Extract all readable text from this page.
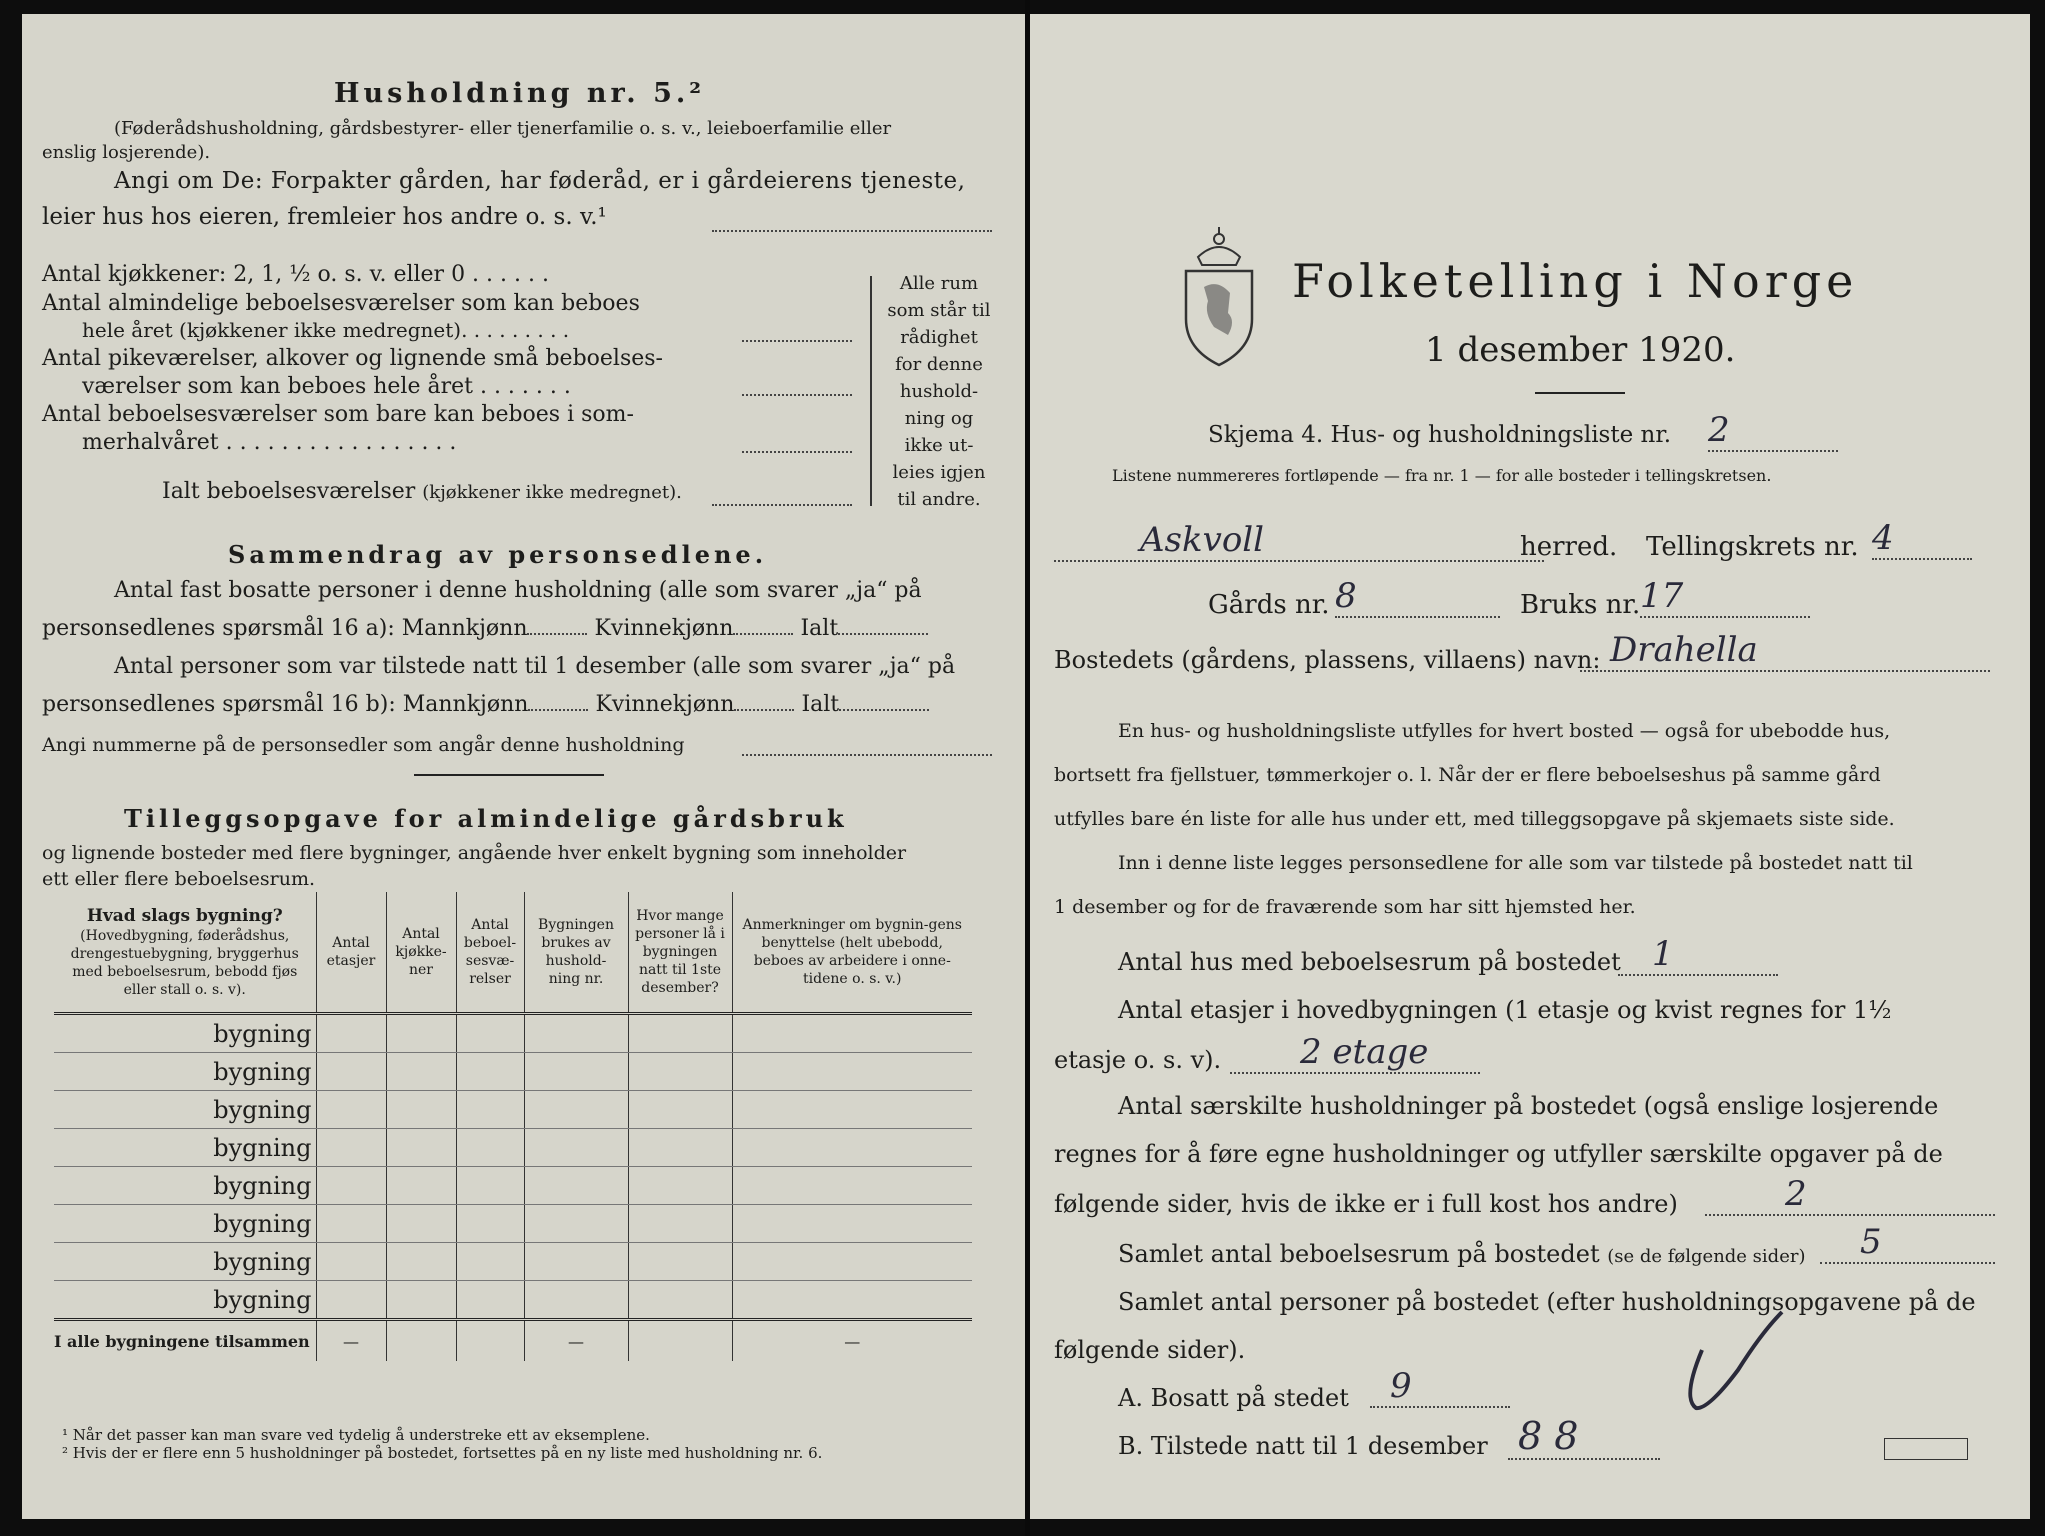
Husholdning nr. 5.²
(Føderådshusholdning, gårdsbestyrer- eller tjenerfamilie o. s. v., leieboerfamilie eller
enslig losjerende).
Angi om De: Forpakter gården, har føderåd, er i gårdeierens tjeneste,
leier hus hos eieren, fremleier hos andre o. s. v.¹
Antal kjøkkener: 2, 1, ½ o. s. v. eller 0 . . . . . .
Antal almindelige beboelsesværelser som kan beboes
hele året (kjøkkener ikke medregnet). . . . . . . . .
Antal pikeværelser, alkover og lignende små beboelses-
værelser som kan beboes hele året . . . . . . .
Antal beboelsesværelser som bare kan beboes i som-
merhalvåret . . . . . . . . . . . . . . . . .
Alle rum
som står til
rådighet
for denne
hushold-
ning og
ikke ut-
leies igjen
til andre.
Ialt beboelsesværelser (kjøkkener ikke medregnet).
Sammendrag av personsedlene.
Antal fast bosatte personer i denne husholdning (alle som svarer „ja“ på
personsedlenes spørsmål 16 a): Mannkjønn	Kvinnekjønn	Ialt
Antal personer som var tilstede natt til 1 desember (alle som svarer „ja“ på
personsedlenes spørsmål 16 b): Mannkjønn	Kvinnekjønn	Ialt
Angi nummerne på de personsedler som angår denne husholdning
Tilleggsopgave for almindelige gårdsbruk
og lignende bosteder med flere bygninger, angående hver enkelt bygning som inneholder
ett eller flere beboelsesrum.
Hvad slags bygning?
(Hovedbygning, føderådshus, drengestuebygning, bryggerhus med beboelsesrum, bebodd fjøs eller stall o. s. v).	Antal etasjer	Antal kjøkke-ner	Antal beboel-sesvæ-relser	Bygningen brukes av hushold-ning nr.	Hvor mange personer lå i bygningen natt til 1ste desember?	Anmerkninger om bygnin-gens benyttelse (helt ubebodd, beboes av arbeidere i onne-tidene o. s. v.)

bygning						
bygning						
bygning						
bygning						
bygning						
bygning						
bygning						
bygning						
I alle bygningene tilsammen	—			—		—
¹ Når det passer kan man svare ved tydelig å understreke ett av eksemplene.
² Hvis der er flere enn 5 husholdninger på bostedet, fortsettes på en ny liste med husholdning nr. 6.
Folketelling i Norge
1 desember 1920.
Skjema 4. Hus- og husholdningsliste nr. 2
Listene nummereres fortløpende — fra nr. 1 — for alle bosteder i tellingskretsen.
Askvoll	herred. Tellingskrets nr. 4
Gårds nr. 8	Bruks nr. 17
Bostedets (gårdens, plassens, villaens) navn: Drahella
En hus- og husholdningsliste utfylles for hvert bosted — også for ubebodde hus,
bortsett fra fjellstuer, tømmerkojer o. l. Når der er flere beboelseshus på samme gård
utfylles bare én liste for alle hus under ett, med tilleggsopgave på skjemaets siste side.
Inn i denne liste legges personsedlene for alle som var tilstede på bostedet natt til
1 desember og for de fraværende som har sitt hjemsted her.
Antal hus med beboelsesrum på bostedet 1
Antal etasjer i hovedbygningen (1 etasje og kvist regnes for 1½
etasje o. s. v).	2 etage
Antal særskilte husholdninger på bostedet (også enslige losjerende
regnes for å føre egne husholdninger og utfyller særskilte opgaver på de
følgende sider, hvis de ikke er i full kost hos andre)	2
Samlet antal beboelsesrum på bostedet (se de følgende sider)	5
Samlet antal personer på bostedet (efter husholdningsopgavene på de
følgende sider).
A. Bosatt på stedet	9
B. Tilstede natt til 1 desember 8 8
